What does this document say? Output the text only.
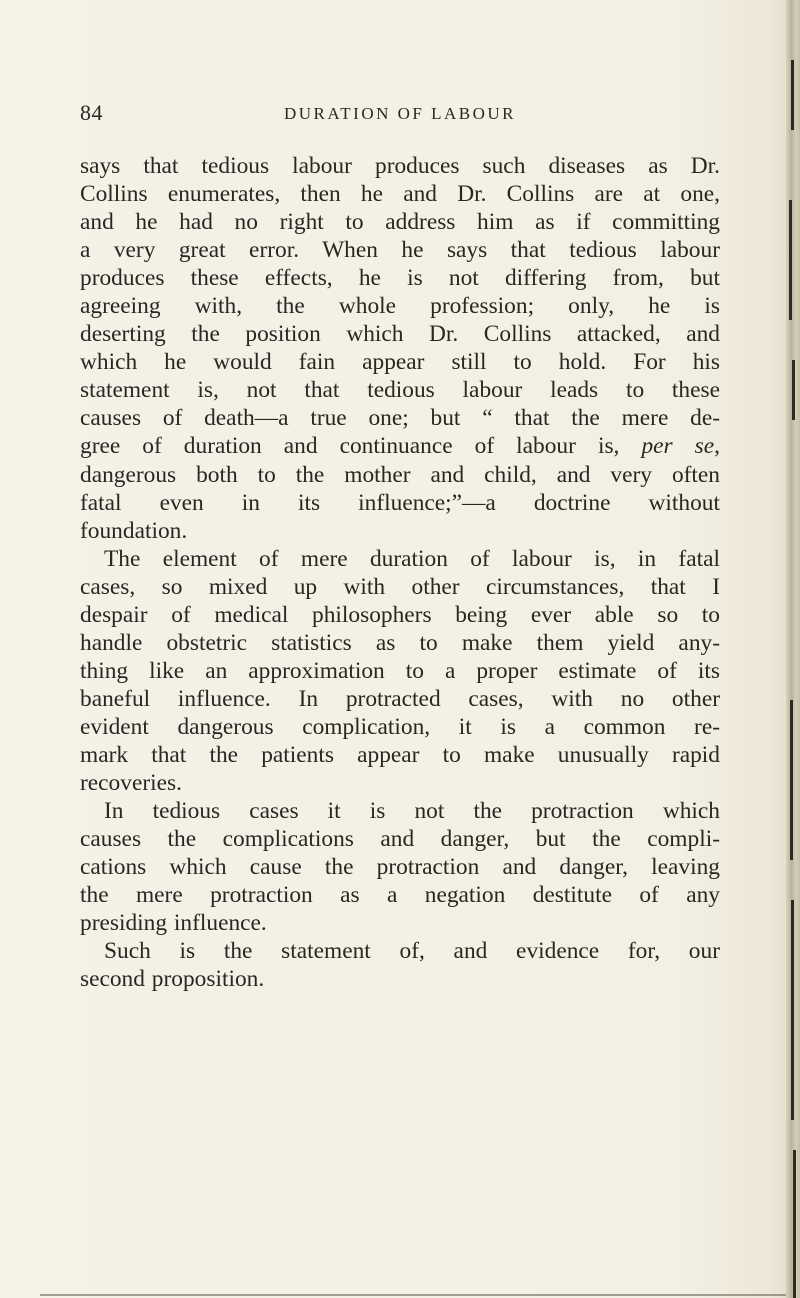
84	DURATION OF LABOUR
says that tedious labour produces such diseases as Dr.
Collins enumerates, then he and Dr. Collins are at one,
and he had no right to address him as if committing
a very great error. When he says that tedious labour
produces these effects, he is not differing from, but
agreeing with, the whole profession; only, he is
deserting the position which Dr. Collins attacked, and
which he would fain appear still to hold. For his
statement is, not that tedious labour leads to these
causes of death—a true one; but “ that the mere de-
gree of duration and continuance of labour is, per se,
dangerous both to the mother and child, and very often
fatal even in its influence;”—a doctrine without
foundation.
The element of mere duration of labour is, in fatal
cases, so mixed up with other circumstances, that I
despair of medical philosophers being ever able so to
handle obstetric statistics as to make them yield any-
thing like an approximation to a proper estimate of its
baneful influence. In protracted cases, with no other
evident dangerous complication, it is a common re-
mark that the patients appear to make unusually rapid
recoveries.
In tedious cases it is not the protraction which
causes the complications and danger, but the compli-
cations which cause the protraction and danger, leaving
the mere protraction as a negation destitute of any
presiding influence.
Such is the statement of, and evidence for, our
second proposition.
